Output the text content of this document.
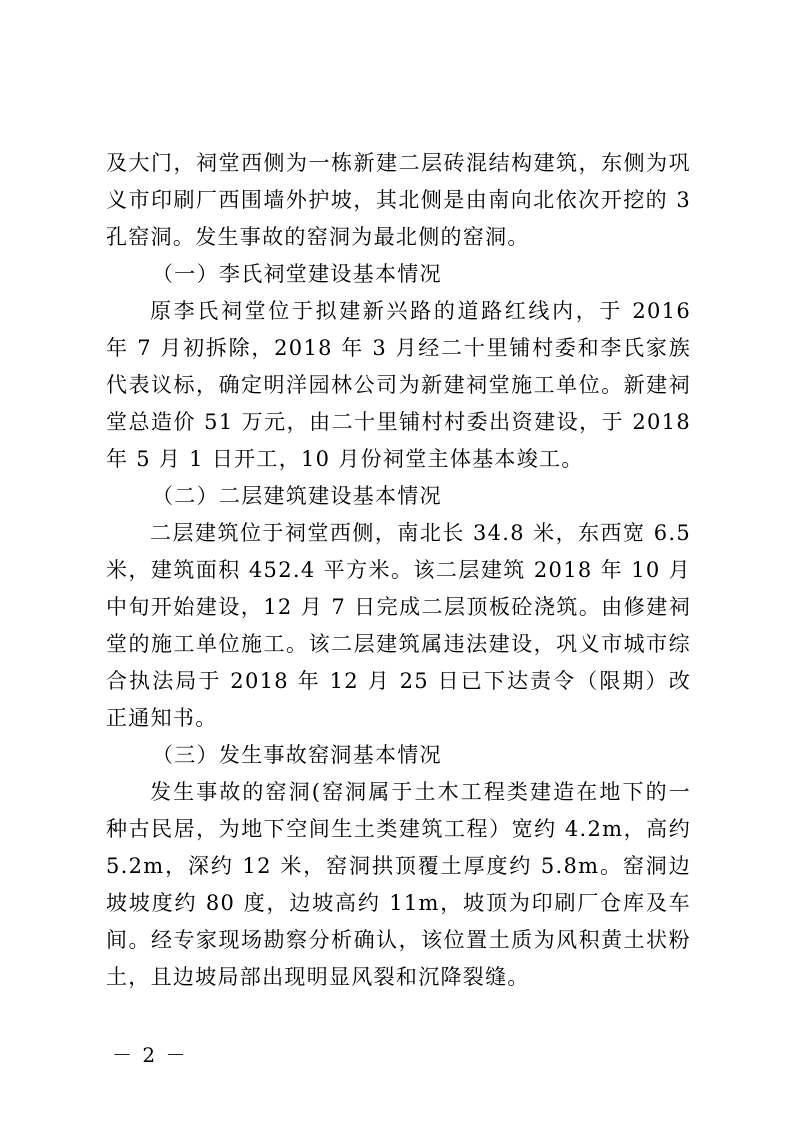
及大门，祠堂西侧为一栋新建二层砖混结构建筑，东侧为巩义市印刷厂西围墙外护坡，其北侧是由南向北依次开挖的 3 孔窑洞。发生事故的窑洞为最北侧的窑洞。

（一）李氏祠堂建设基本情况

原李氏祠堂位于拟建新兴路的道路红线内，于 2016 年 7 月初拆除，2018 年 3 月经二十里铺村委和李氏家族代表议标，确定明洋园林公司为新建祠堂施工单位。新建祠堂总造价 51 万元，由二十里铺村村委出资建设，于 2018 年 5 月 1 日开工，10 月份祠堂主体基本竣工。

（二）二层建筑建设基本情况

二层建筑位于祠堂西侧，南北长 34.8 米，东西宽 6.5 米，建筑面积 452.4 平方米。该二层建筑 2018 年 10 月中旬开始建设，12 月 7 日完成二层顶板砼浇筑。由修建祠堂的施工单位施工。该二层建筑属违法建设，巩义市城市综合执法局于 2018 年 12 月 25 日已下达责令（限期）改正通知书。

（三）发生事故窑洞基本情况

发生事故的窑洞(窑洞属于土木工程类建造在地下的一种古民居，为地下空间生土类建筑工程）宽约 4.2m，高约 5.2m，深约 12 米，窑洞拱顶覆土厚度约 5.8m。窑洞边坡坡度约 80 度，边坡高约 11m，坡顶为印刷厂仓库及车间。经专家现场勘察分析确认，该位置土质为风积黄土状粉土，且边坡局部出现明显风裂和沉降裂缝。

－ 2 －
